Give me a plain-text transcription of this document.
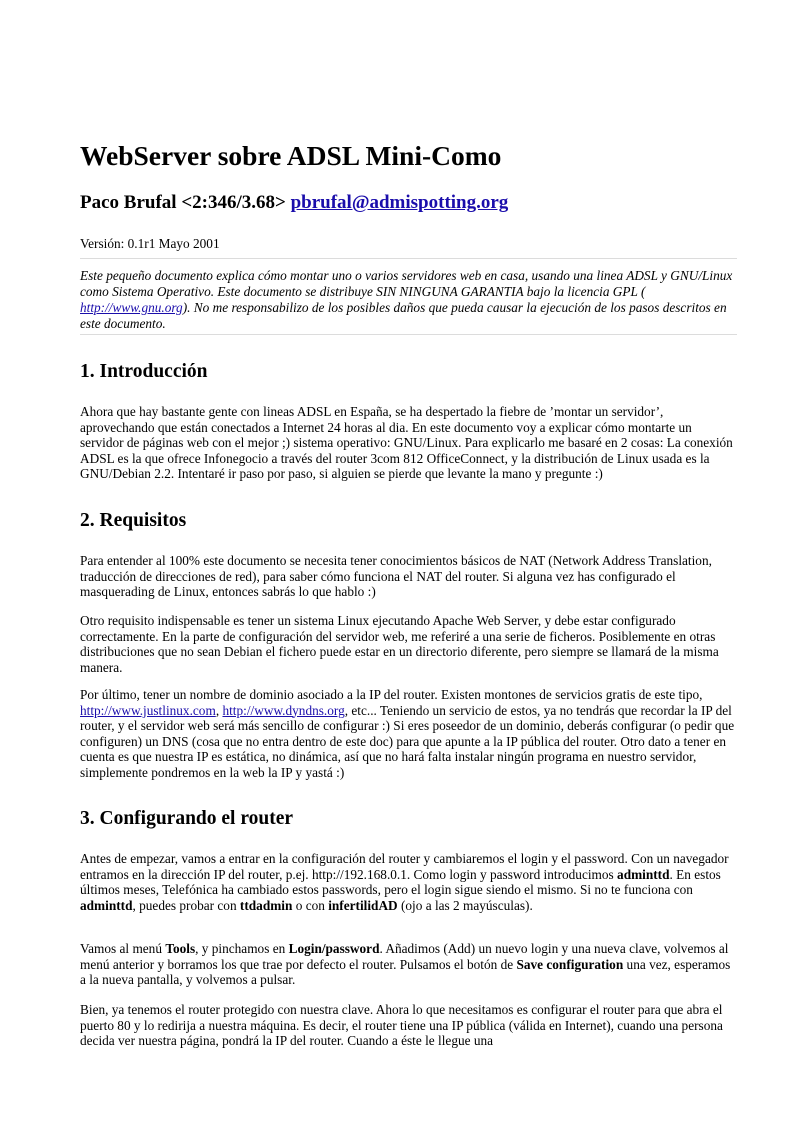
WebServer sobre ADSL Mini-Como
Paco Brufal <2:346/3.68> pbrufal@admispotting.org
Versión: 0.1r1 Mayo 2001

Este pequeño documento explica cómo montar uno o varios servidores web en casa, usando una linea ADSL y GNU/Linux como Sistema Operativo. Este documento se distribuye SIN NINGUNA GARANTIA bajo la licencia GPL ( http://www.gnu.org). No me responsabilizo de los posibles daños que pueda causar la ejecución de los pasos descritos en este documento.

1. Introducción

Ahora que hay bastante gente con lineas ADSL en España, se ha despertado la fiebre de ’montar un servidor’, aprovechando que están conectados a Internet 24 horas al dia. En este documento voy a explicar cómo montarte un servidor de páginas web con el mejor ;) sistema operativo: GNU/Linux. Para explicarlo me basaré en 2 cosas: La conexión ADSL es la que ofrece Infonegocio a través del router 3com 812 OfficeConnect, y la distribución de Linux usada es la GNU/Debian 2.2. Intentaré ir paso por paso, si alguien se pierde que levante la mano y pregunte :)

2. Requisitos

Para entender al 100% este documento se necesita tener conocimientos básicos de NAT (Network Address Translation, traducción de direcciones de red), para saber cómo funciona el NAT del router. Si alguna vez has configurado el masquerading de Linux, entonces sabrás lo que hablo :)

Otro requisito indispensable es tener un sistema Linux ejecutando Apache Web Server, y debe estar configurado correctamente. En la parte de configuración del servidor web, me referiré a una serie de ficheros. Posiblemente en otras distribuciones que no sean Debian el fichero puede estar en un directorio diferente, pero siempre se llamará de la misma manera.

Por último, tener un nombre de dominio asociado a la IP del router. Existen montones de servicios gratis de este tipo, http://www.justlinux.com, http://www.dyndns.org, etc... Teniendo un servicio de estos, ya no tendrás que recordar la IP del router, y el servidor web será más sencillo de configurar :) Si eres poseedor de un dominio, deberás configurar (o pedir que configuren) un DNS (cosa que no entra dentro de este doc) para que apunte a la IP pública del router. Otro dato a tener en cuenta es que nuestra IP es estática, no dinámica, así que no hará falta instalar ningún programa en nuestro servidor, simplemente pondremos en la web la IP y yastá :)

3. Configurando el router

Antes de empezar, vamos a entrar en la configuración del router y cambiaremos el login y el password. Con un navegador entramos en la dirección IP del router, p.ej. http://192.168.0.1. Como login y password introducimos adminttd. En estos últimos meses, Telefónica ha cambiado estos passwords, pero el login sigue siendo el mismo. Si no te funciona con adminttd, puedes probar con ttdadmin o con infertilidAD (ojo a las 2 mayúsculas).

Vamos al menú Tools, y pinchamos en Login/password. Añadimos (Add) un nuevo login y una nueva clave, volvemos al menú anterior y borramos los que trae por defecto el router. Pulsamos el botón de Save configuration una vez, esperamos a la nueva pantalla, y volvemos a pulsar.

Bien, ya tenemos el router protegido con nuestra clave. Ahora lo que necesitamos es configurar el router para que abra el puerto 80 y lo redirija a nuestra máquina. Es decir, el router tiene una IP pública (válida en Internet), cuando una persona decida ver nuestra página, pondrá la IP del router. Cuando a éste le llegue una
